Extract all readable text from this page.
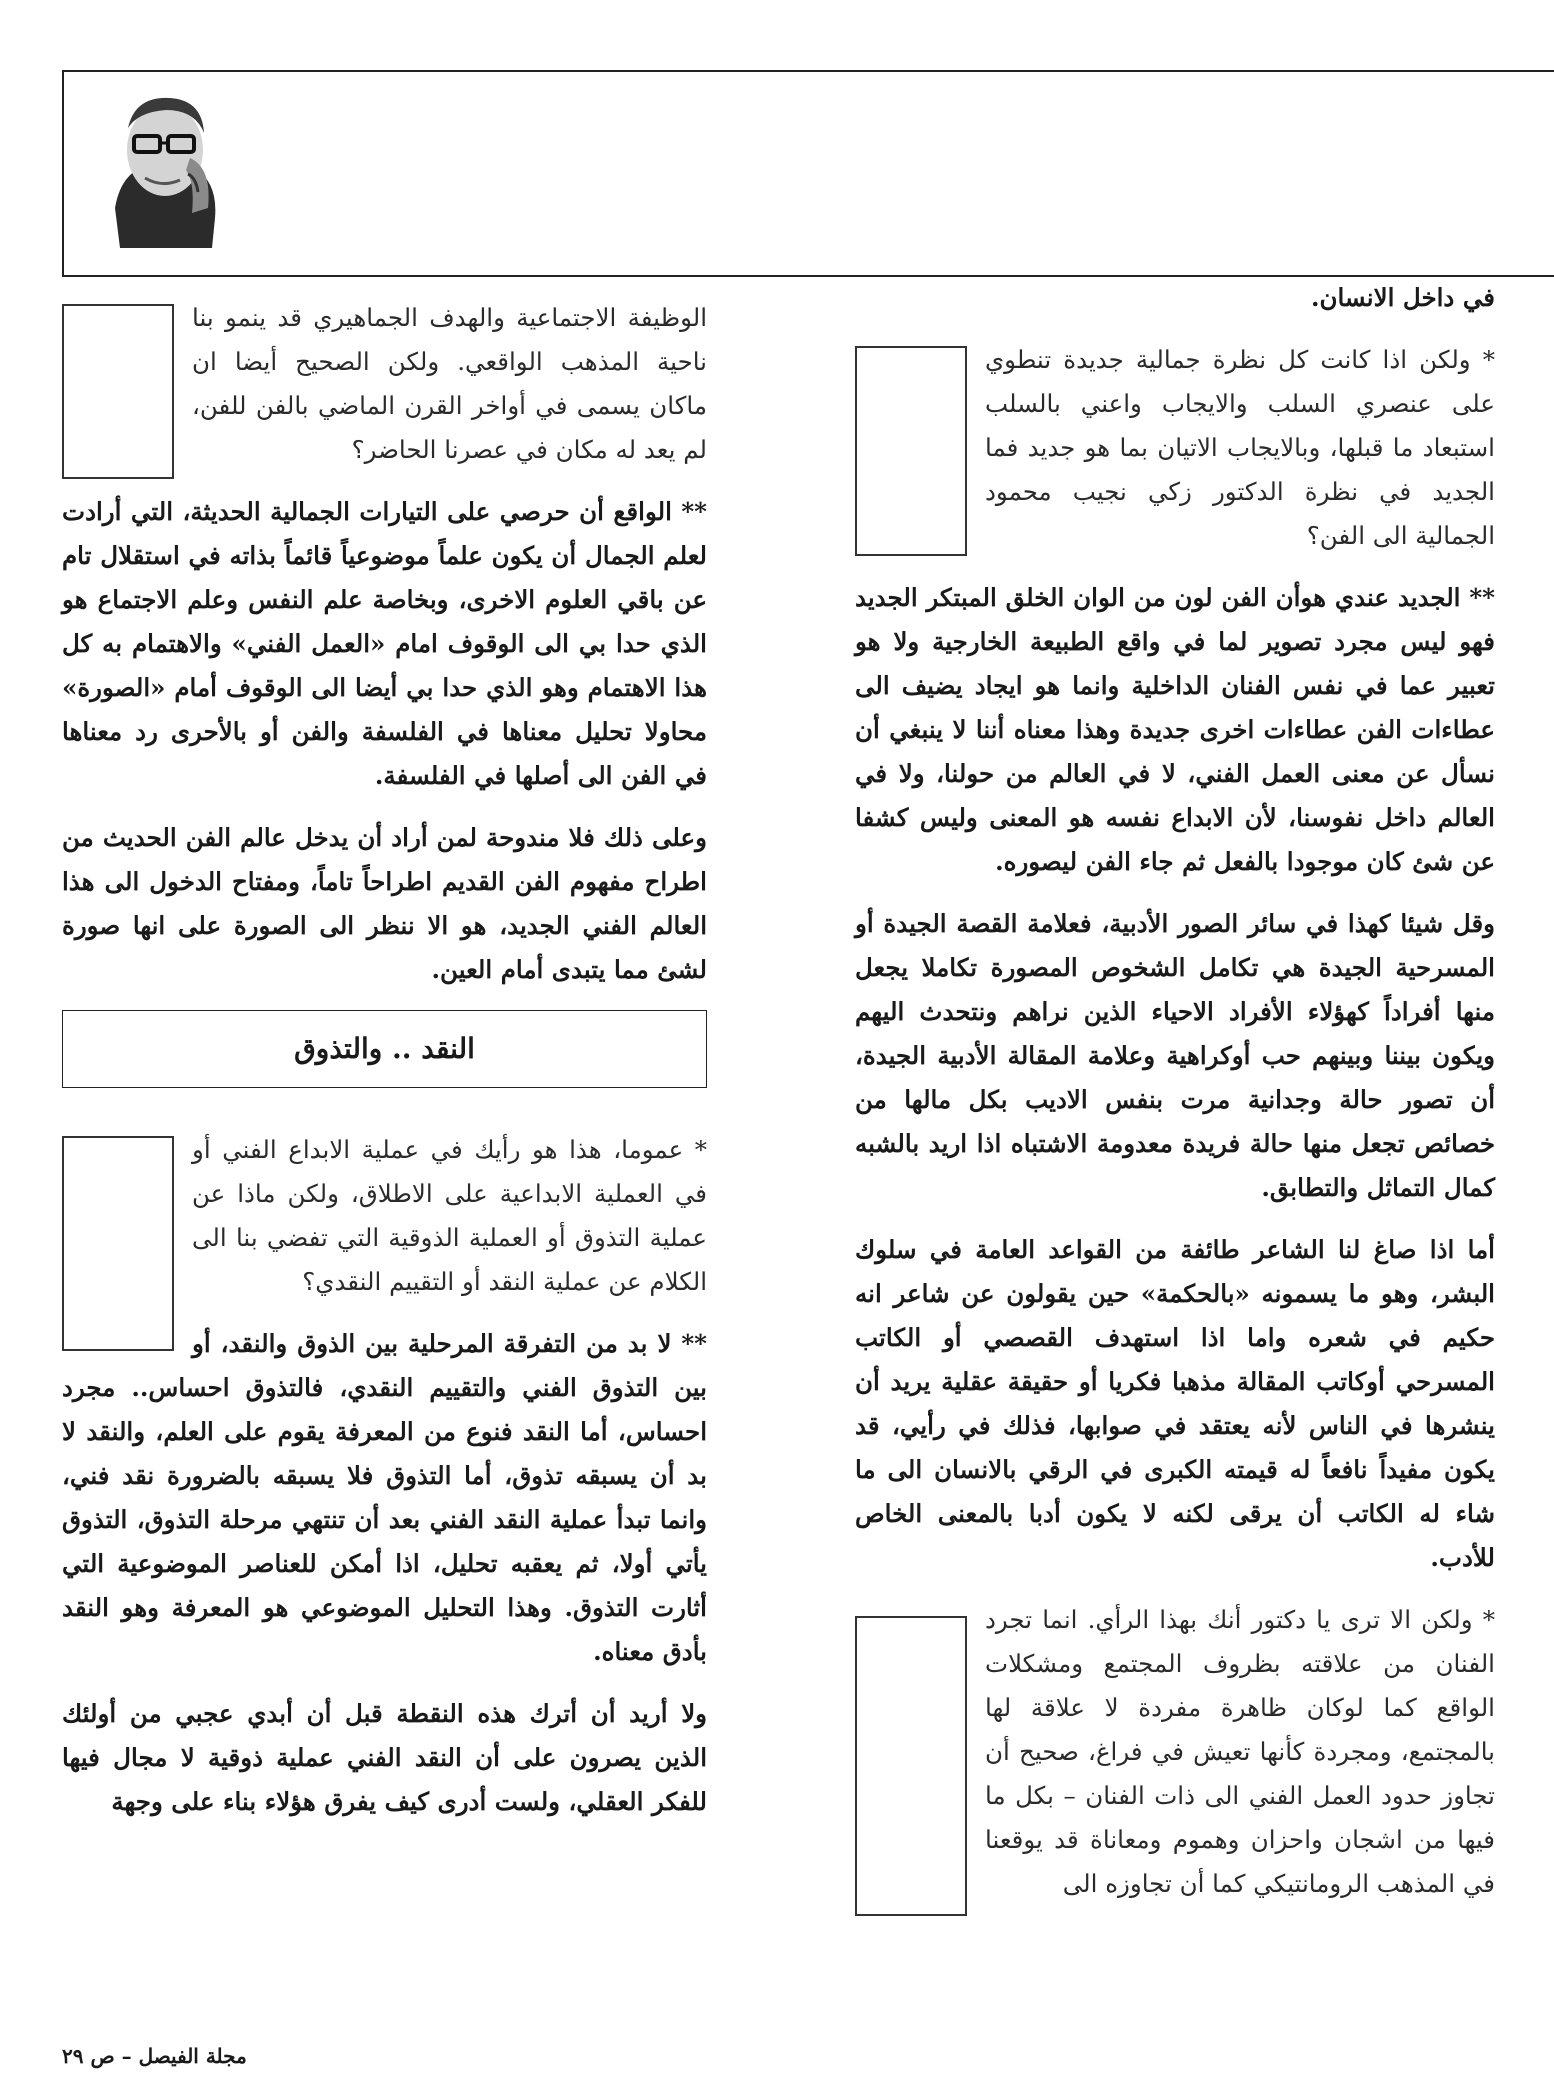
في داخل الانسان.

* ولكن اذا كانت كل نظرة جمالية جديدة تنطوي على عنصري السلب والايجاب واعني بالسلب استبعاد ما قبلها، وبالايجاب الاتيان بما هو جديد فما الجديد في نظرة الدكتور زكي نجيب محمود الجمالية الى الفن؟

** الجديد عندي هوأن الفن لون من الوان الخلق المبتكر الجديد فهو ليس مجرد تصوير لما في واقع الطبيعة الخارجية ولا هو تعبير عما في نفس الفنان الداخلية وانما هو ايجاد يضيف الى عطاءات الفن عطاءات اخرى جديدة وهذا معناه أننا لا ينبغي أن نسأل عن معنى العمل الفني، لا في العالم من حولنا، ولا في العالم داخل نفوسنا، لأن الابداع نفسه هو المعنى وليس كشفا عن شئ كان موجودا بالفعل ثم جاء الفن ليصوره.

وقل شيئا كهذا في سائر الصور الأدبية، فعلامة القصة الجيدة أو المسرحية الجيدة هي تكامل الشخوص المصورة تكاملا يجعل منها أفراداً كهؤلاء الأفراد الاحياء الذين نراهم ونتحدث اليهم ويكون بيننا وبينهم حب أوكراهية وعلامة المقالة الأدبية الجيدة، أن تصور حالة وجدانية مرت بنفس الاديب بكل مالها من خصائص تجعل منها حالة فريدة معدومة الاشتباه اذا اريد بالشبه كمال التماثل والتطابق.

أما اذا صاغ لنا الشاعر طائفة من القواعد العامة في سلوك البشر، وهو ما يسمونه «بالحكمة» حين يقولون عن شاعر انه حكيم في شعره واما اذا استهدف القصصي أو الكاتب المسرحي أوكاتب المقالة مذهبا فكريا أو حقيقة عقلية يريد أن ينشرها في الناس لأنه يعتقد في صوابها، فذلك في رأيي، قد يكون مفيداً نافعاً له قيمته الكبرى في الرقي بالانسان الى ما شاء له الكاتب أن يرقى لكنه لا يكون أدبا بالمعنى الخاص للأدب.

* ولكن الا ترى يا دكتور أنك بهذا الرأي. انما تجرد الفنان من علاقته بظروف المجتمع ومشكلات الواقع كما لوكان ظاهرة مفردة لا علاقة لها بالمجتمع، ومجردة كأنها تعيش في فراغ، صحيح أن تجاوز حدود العمل الفني الى ذات الفنان – بكل ما فيها من اشجان واحزان وهموم ومعاناة قد يوقعنا في المذهب الرومانتيكي كما أن تجاوزه الى

الوظيفة الاجتماعية والهدف الجماهيري قد ينمو بنا ناحية المذهب الواقعي. ولكن الصحيح أيضا ان ماكان يسمى في أواخر القرن الماضي بالفن للفن، لم يعد له مكان في عصرنا الحاضر؟

** الواقع أن حرصي على التيارات الجمالية الحديثة، التي أرادت لعلم الجمال أن يكون علماً موضوعياً قائماً بذاته في استقلال تام عن باقي العلوم الاخرى، وبخاصة علم النفس وعلم الاجتماع هو الذي حدا بي الى الوقوف امام «العمل الفني» والاهتمام به كل هذا الاهتمام وهو الذي حدا بي أيضا الى الوقوف أمام «الصورة» محاولا تحليل معناها في الفلسفة والفن أو بالأحرى رد معناها في الفن الى أصلها في الفلسفة.

وعلى ذلك فلا مندوحة لمن أراد أن يدخل عالم الفن الحديث من اطراح مفهوم الفن القديم اطراحاً تاماً، ومفتاح الدخول الى هذا العالم الفني الجديد، هو الا ننظر الى الصورة على انها صورة لشئ مما يتبدى أمام العين.

النقد .. والتذوق

* عموما، هذا هو رأيك في عملية الابداع الفني أو في العملية الابداعية على الاطلاق، ولكن ماذا عن عملية التذوق أو العملية الذوقية التي تفضي بنا الى الكلام عن عملية النقد أو التقييم النقدي؟

** لا بد من التفرقة المرحلية بين الذوق والنقد، أو بين التذوق الفني والتقييم النقدي، فالتذوق احساس.. مجرد احساس، أما النقد فنوع من المعرفة يقوم على العلم، والنقد لا بد أن يسبقه تذوق، أما التذوق فلا يسبقه بالضرورة نقد فني، وانما تبدأ عملية النقد الفني بعد أن تنتهي مرحلة التذوق، التذوق يأتي أولا، ثم يعقبه تحليل، اذا أمكن للعناصر الموضوعية التي أثارت التذوق. وهذا التحليل الموضوعي هو المعرفة وهو النقد بأدق معناه.

ولا أريد أن أترك هذه النقطة قبل أن أبدي عجبي من أولئك الذين يصرون على أن النقد الفني عملية ذوقية لا مجال فيها للفكر العقلي، ولست أدرى كيف يفرق هؤلاء بناء على وجهة

مجلة الفيصل – ص ٢٩
